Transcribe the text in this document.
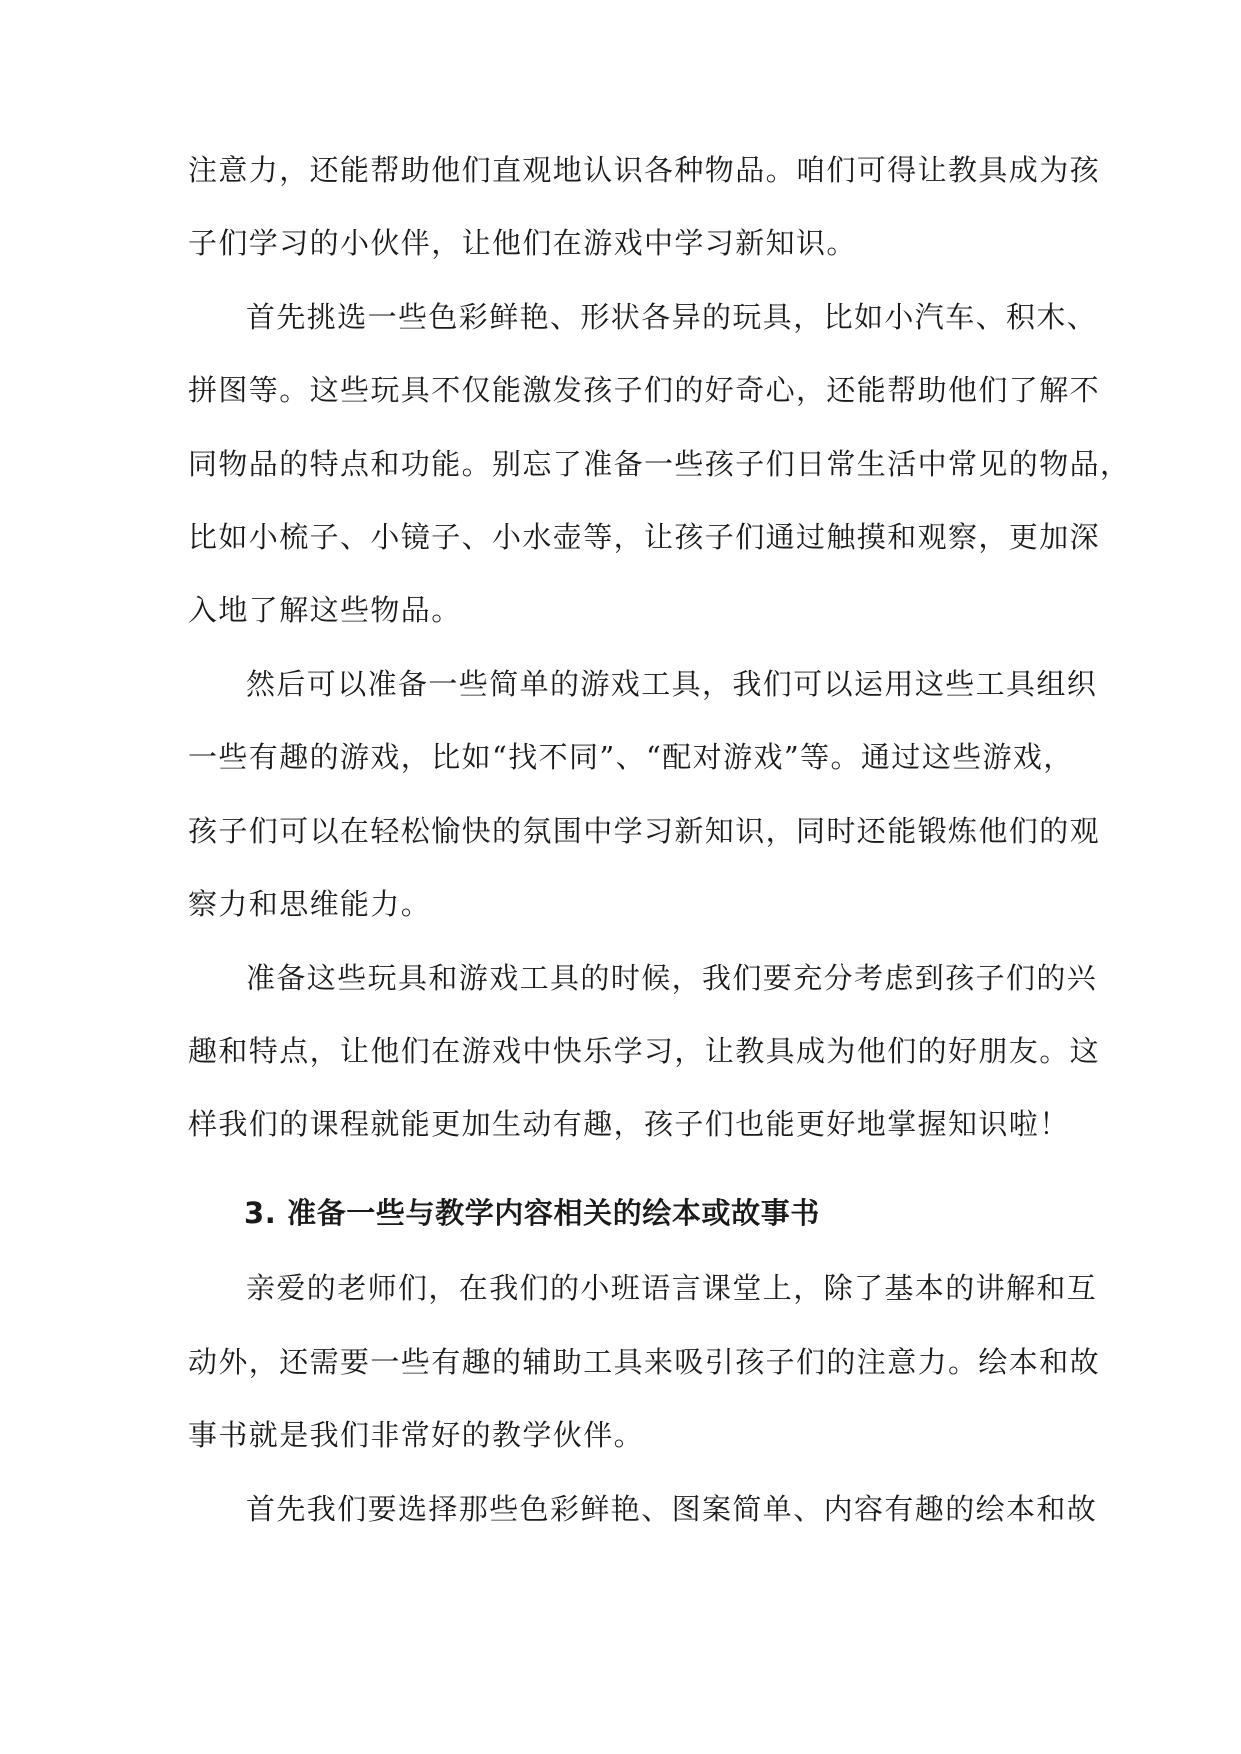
注意力，还能帮助他们直观地认识各种物品。咱们可得让教具成为孩
子们学习的小伙伴，让他们在游戏中学习新知识。
首先挑选一些色彩鲜艳、形状各异的玩具，比如小汽车、积木、
拼图等。这些玩具不仅能激发孩子们的好奇心，还能帮助他们了解不
同物品的特点和功能。别忘了准备一些孩子们日常生活中常见的物品，
比如小梳子、小镜子、小水壶等，让孩子们通过触摸和观察，更加深
入地了解这些物品。
然后可以准备一些简单的游戏工具，我们可以运用这些工具组织
一些有趣的游戏，比如“找不同”、“配对游戏”等。通过这些游戏，
孩子们可以在轻松愉快的氛围中学习新知识，同时还能锻炼他们的观
察力和思维能力。
准备这些玩具和游戏工具的时候，我们要充分考虑到孩子们的兴
趣和特点，让他们在游戏中快乐学习，让教具成为他们的好朋友。这
样我们的课程就能更加生动有趣，孩子们也能更好地掌握知识啦！
3. 准备一些与教学内容相关的绘本或故事书
亲爱的老师们，在我们的小班语言课堂上，除了基本的讲解和互
动外，还需要一些有趣的辅助工具来吸引孩子们的注意力。绘本和故
事书就是我们非常好的教学伙伴。
首先我们要选择那些色彩鲜艳、图案简单、内容有趣的绘本和故
